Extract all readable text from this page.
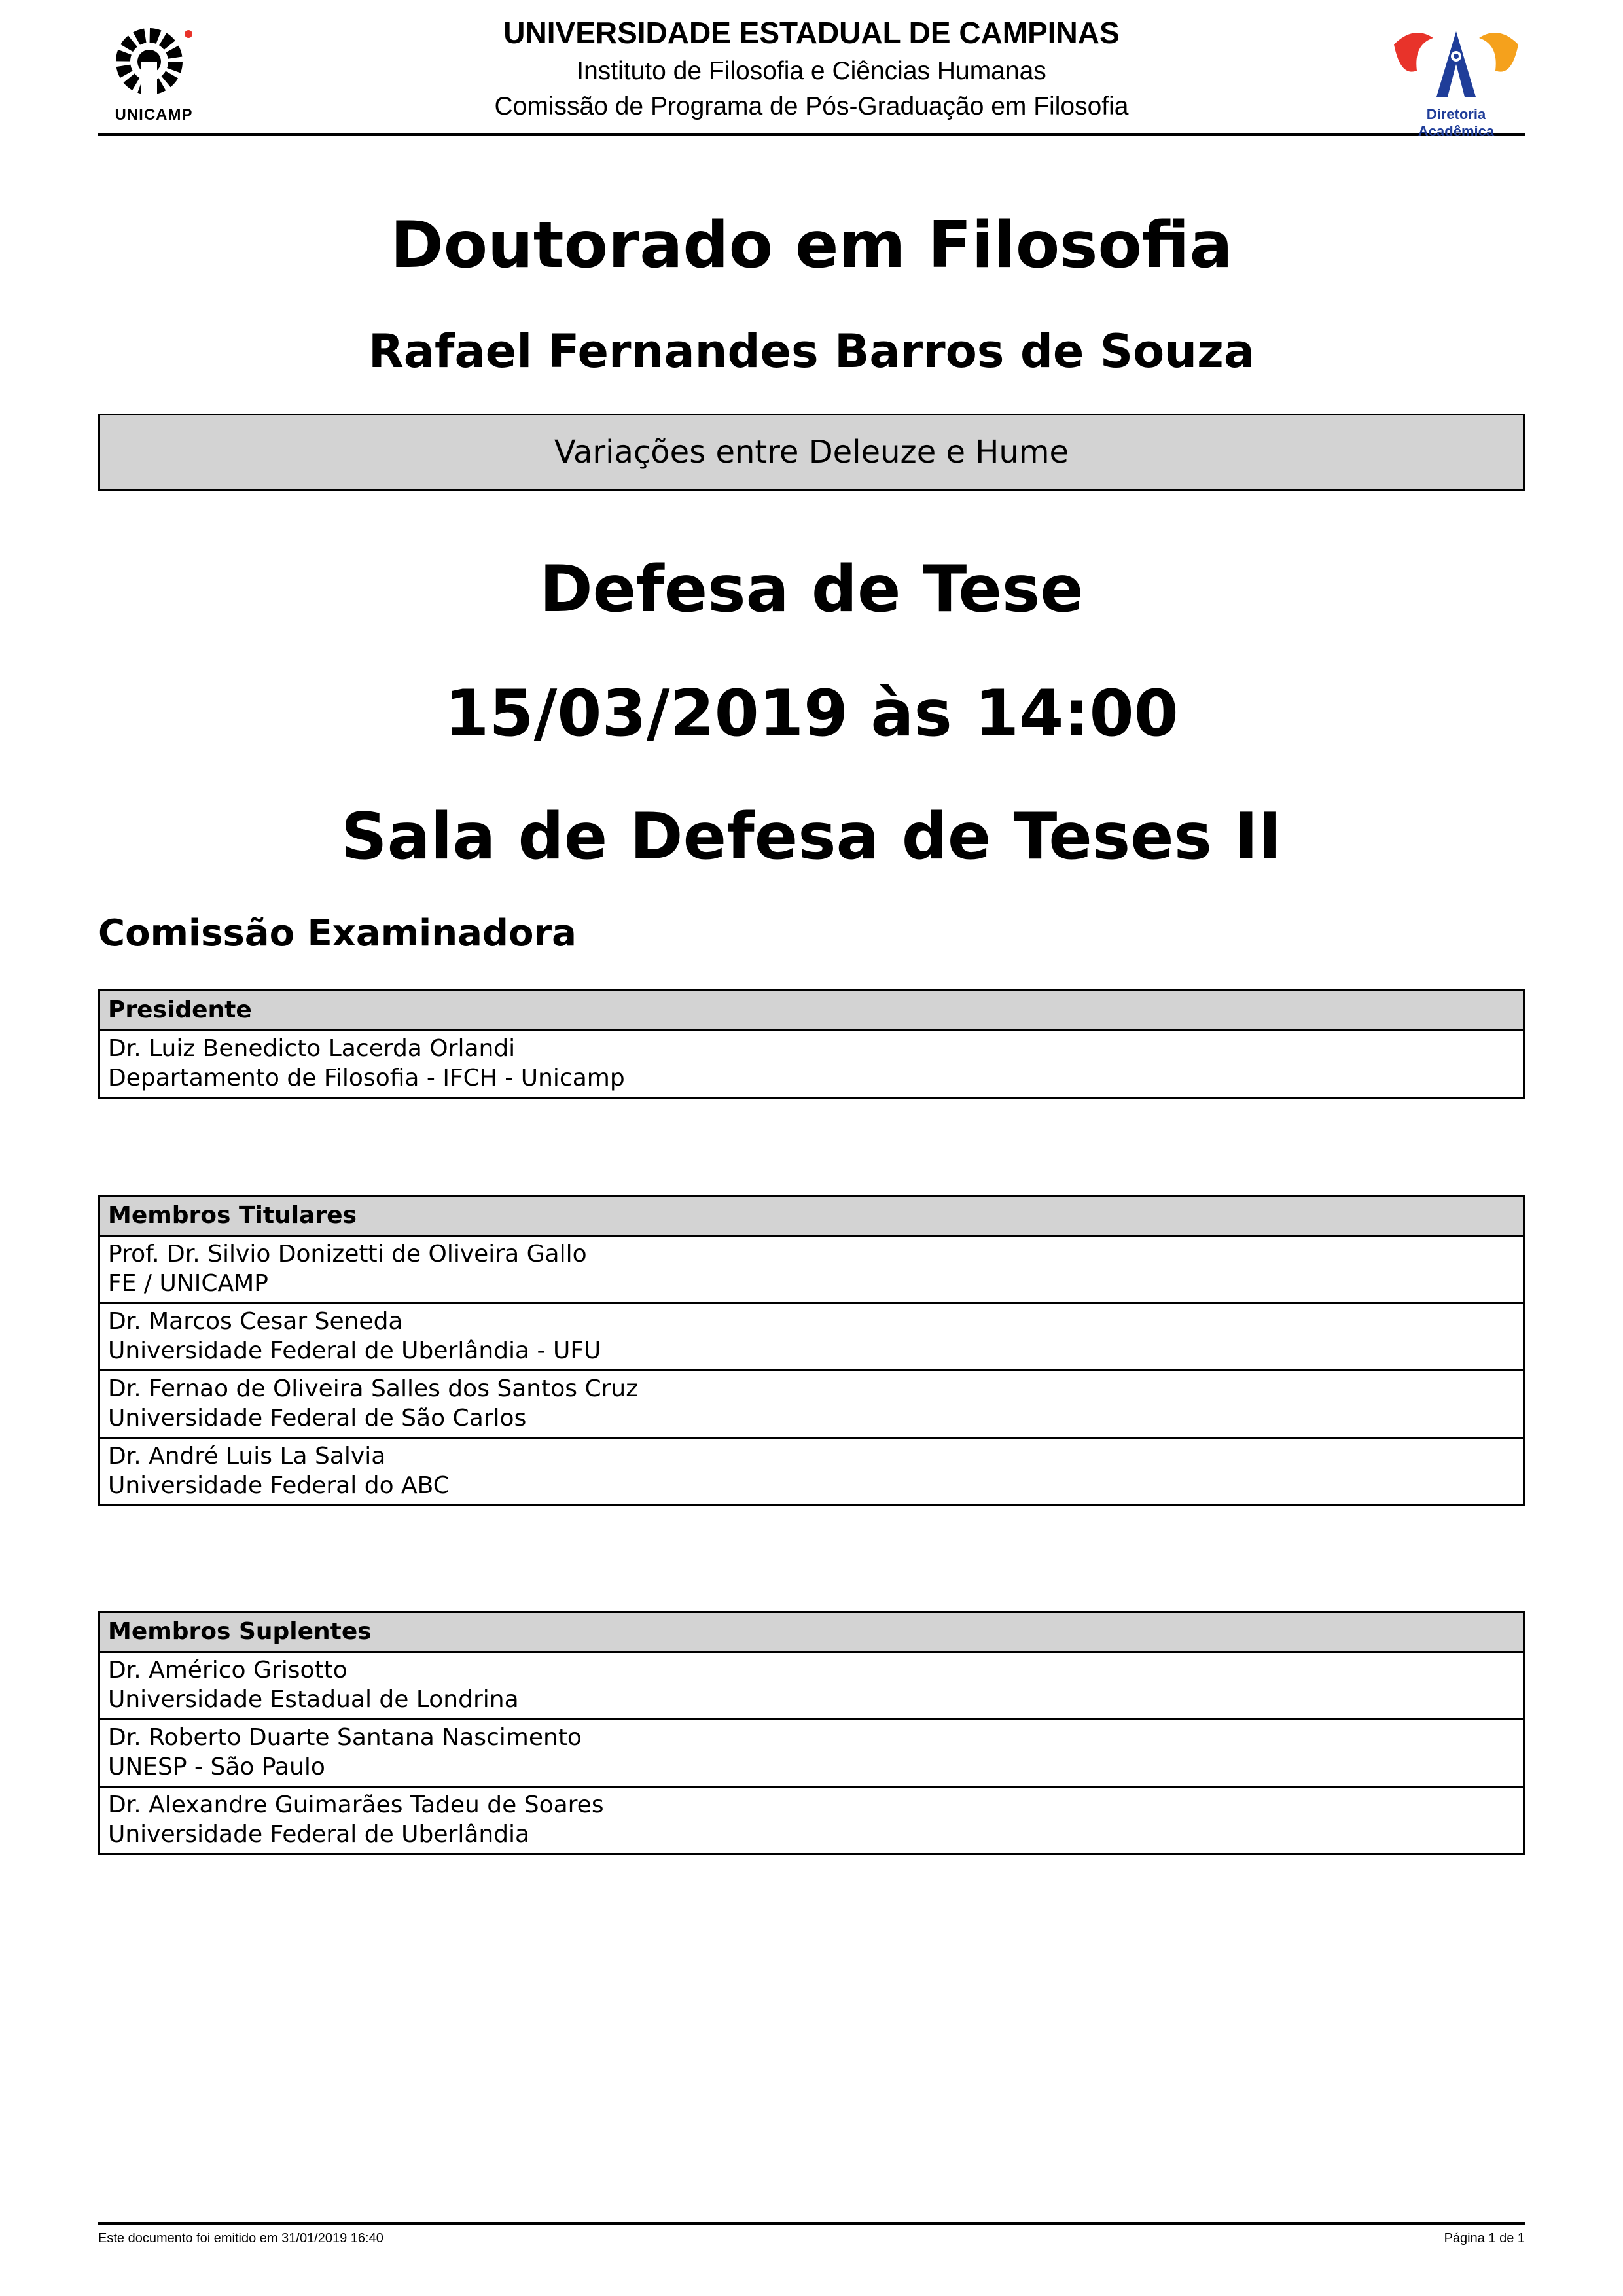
UNICAMP
UNIVERSIDADE ESTADUAL DE CAMPINAS
Instituto de Filosofia e Ciências Humanas
Comissão de Programa de Pós-Graduação em Filosofia	Diretoria Acadêmica
Doutorado em Filosofia
Rafael Fernandes Barros de Souza
Variações entre Deleuze e Hume
Defesa de Tese
15/03/2019 às 14:00
Sala de Defesa de Teses II
Comissão Examinadora
Presidente
Dr. Luiz Benedicto Lacerda Orlandi
Departamento de Filosofia - IFCH - Unicamp
Membros Titulares
Prof. Dr. Silvio Donizetti de Oliveira Gallo
FE / UNICAMP
Dr. Marcos Cesar Seneda
Universidade Federal de Uberlândia - UFU
Dr. Fernao de Oliveira Salles dos Santos Cruz
Universidade Federal de São Carlos
Dr. André Luis La Salvia
Universidade Federal do ABC
Membros Suplentes
Dr. Américo Grisotto
Universidade Estadual de Londrina
Dr. Roberto Duarte Santana Nascimento
UNESP - São Paulo
Dr. Alexandre Guimarães Tadeu de Soares
Universidade Federal de Uberlândia
Este documento foi emitido em 31/01/2019 16:40	Página 1 de 1
